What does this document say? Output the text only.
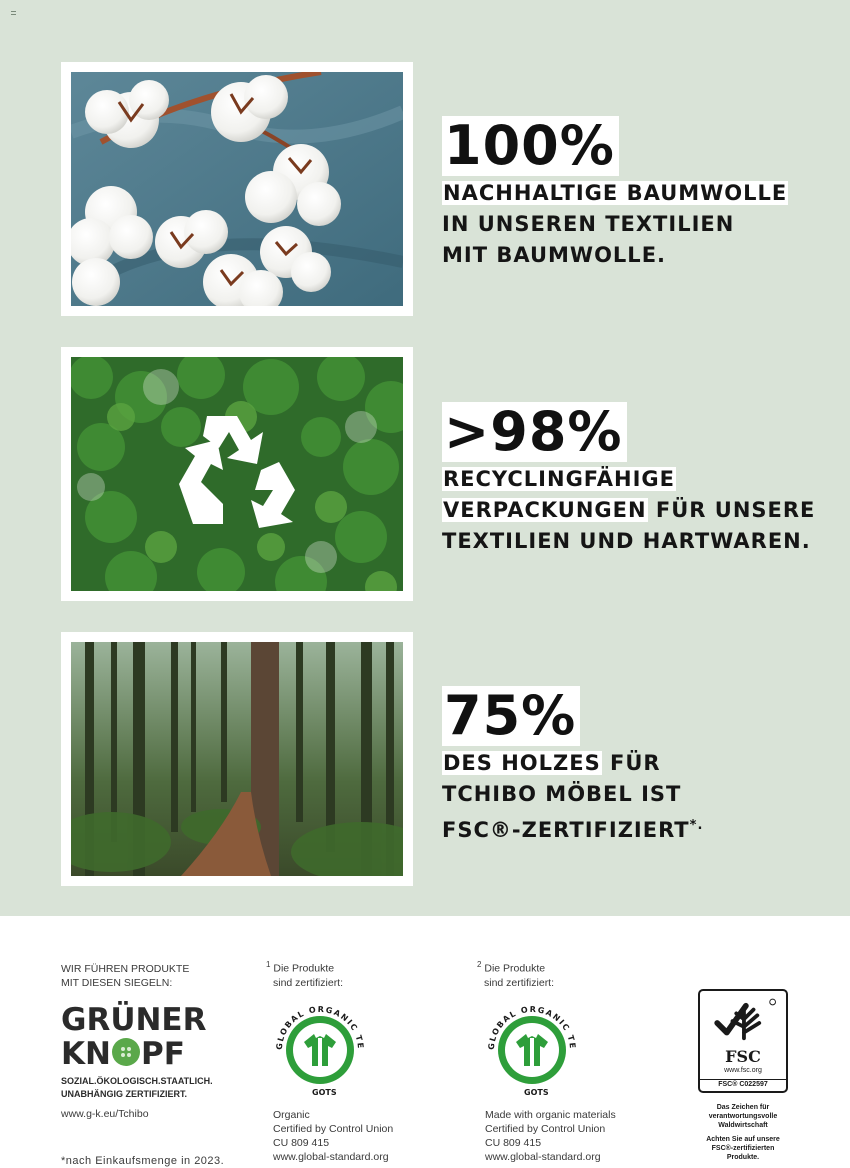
100%
NACHHALTIGE BAUMWOLLE
IN UNSEREN TEXTILIEN
MIT BAUMWOLLE.
>98%
RECYCLINGFÄHIGE
VERPACKUNGEN FÜR UNSERE
TEXTILIEN UND HARTWAREN.
75%
DES HOLZES FÜR
TCHIBO MÖBEL IST
FSC®-ZERTIFIZIERT*.
WIR FÜHREN PRODUKTE
MIT DIESEN SIEGELN:
GRÜNER
KN PF
SOZIAL.ÖKOLOGISCH.STAATLICH.
UNABHÄNGIG ZERTIFIZIERT.
www.g-k.eu/Tchibo
*nach Einkaufsmenge in 2023.
$^1$ Die Produkte
sind zertifiziert:
GLOBAL ORGANIC TE
GOTS
Organic
Certified by Control Union
CU 809 415
www.global-standard.org
$^2$ Die Produkte
sind zertifiziert:
GLOBAL ORGANIC TE
GOTS
Made with organic materials
Certified by Control Union
CU 809 415
www.global-standard.org
FSC
www.fsc.org
FSC® C022597
Das Zeichen für
verantwortungsvolle
Waldwirtschaft
Achten Sie auf unsere
FSC®-zertifizierten
Produkte.
